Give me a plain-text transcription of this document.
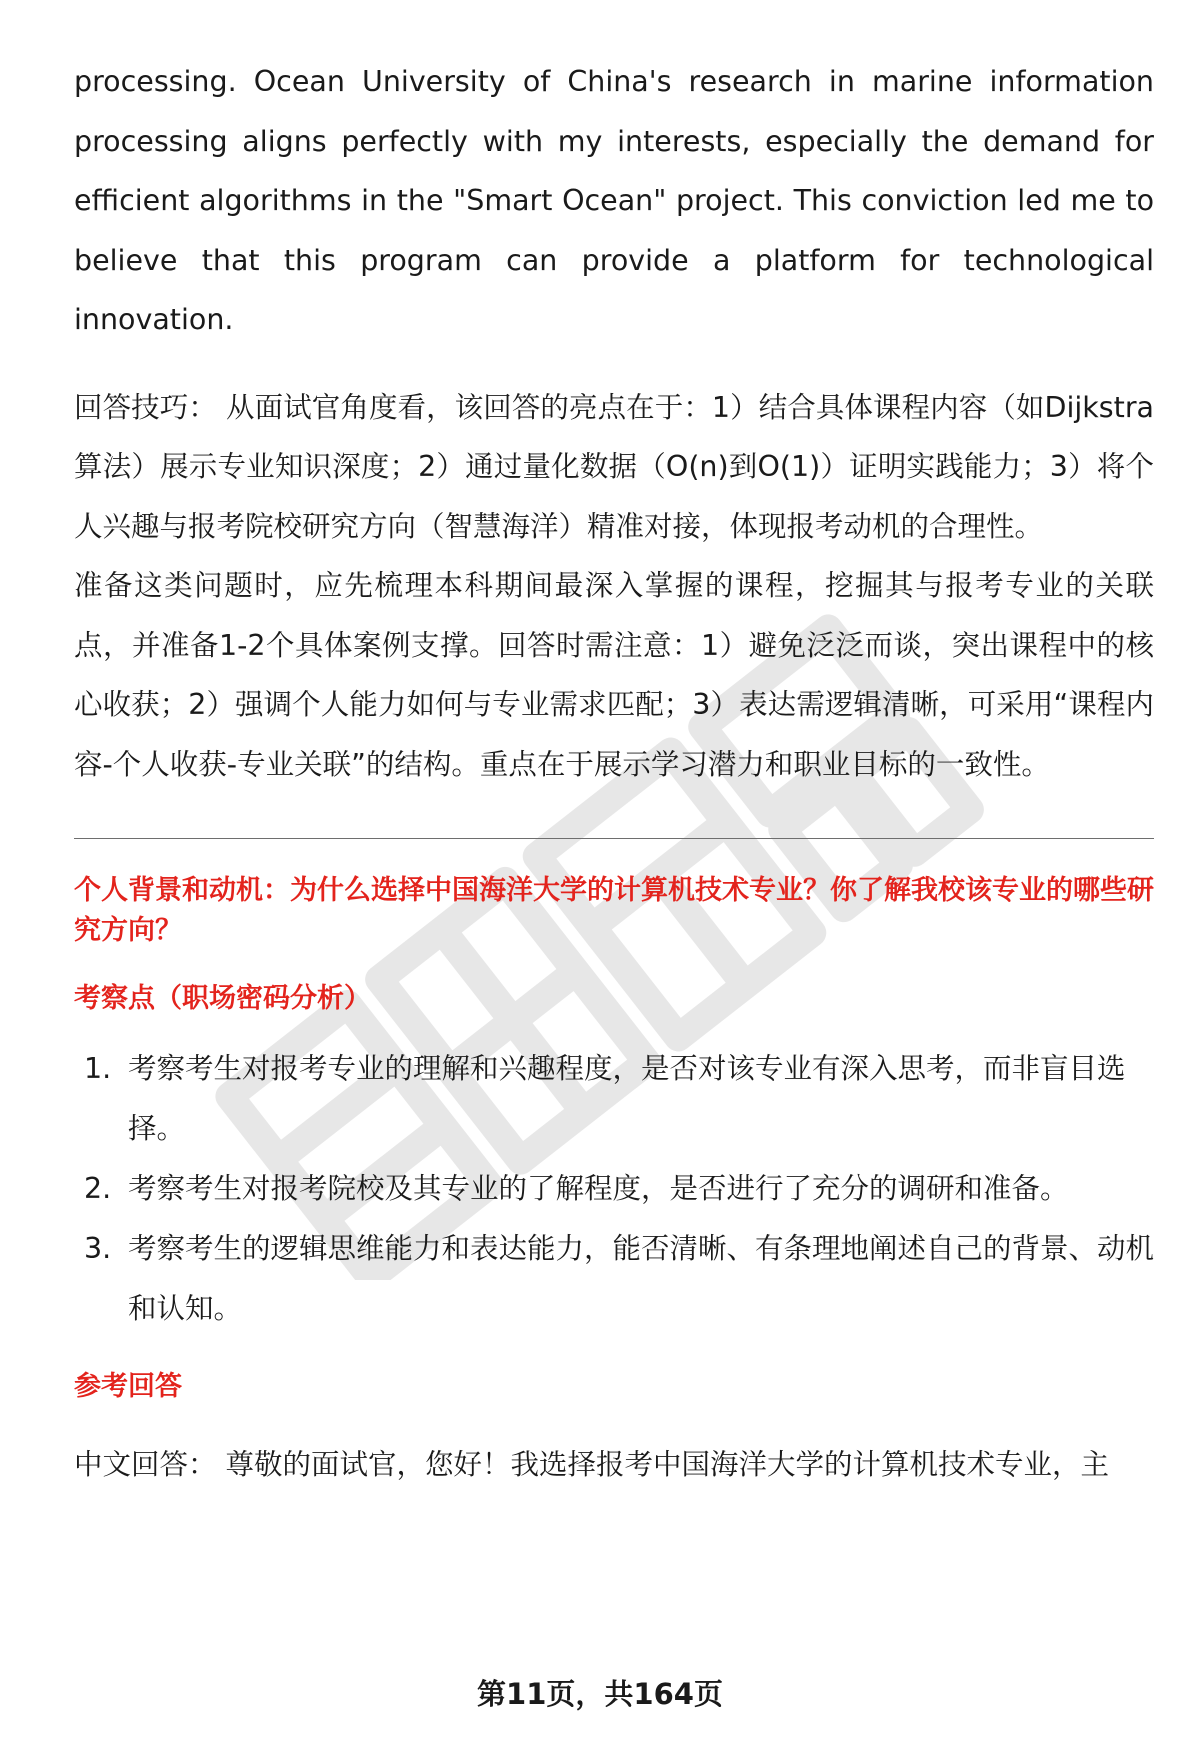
processing. Ocean University of China's research in marine information processing aligns perfectly with my interests, especially the demand for efficient algorithms in the "Smart Ocean" project. This conviction led me to believe that this program can provide a platform for technological innovation.

回答技巧： 从面试官角度看，该回答的亮点在于：1）结合具体课程内容（如Dijkstra算法）展示专业知识深度；2）通过量化数据（O(n)到O(1)）证明实践能力；3）将个人兴趣与报考院校研究方向（智慧海洋）精准对接，体现报考动机的合理性。

准备这类问题时，应先梳理本科期间最深入掌握的课程，挖掘其与报考专业的关联点，并准备1-2个具体案例支撑。回答时需注意：1）避免泛泛而谈，突出课程中的核心收获；2）强调个人能力如何与专业需求匹配；3）表达需逻辑清晰，可采用“课程内容-个人收获-专业关联”的结构。重点在于展示学习潜力和职业目标的一致性。

个人背景和动机：为什么选择中国海洋大学的计算机技术专业？你了解我校该专业的哪些研究方向？
考察点（职场密码分析）
1. 考察考生对报考专业的理解和兴趣程度，是否对该专业有深入思考，而非盲目选择。
2. 考察考生对报考院校及其专业的了解程度，是否进行了充分的调研和准备。
3. 考察考生的逻辑思维能力和表达能力，能否清晰、有条理地阐述自己的背景、动机和认知。
参考回答

中文回答： 尊敬的面试官，您好！我选择报考中国海洋大学的计算机技术专业，主

第11页，共164页
